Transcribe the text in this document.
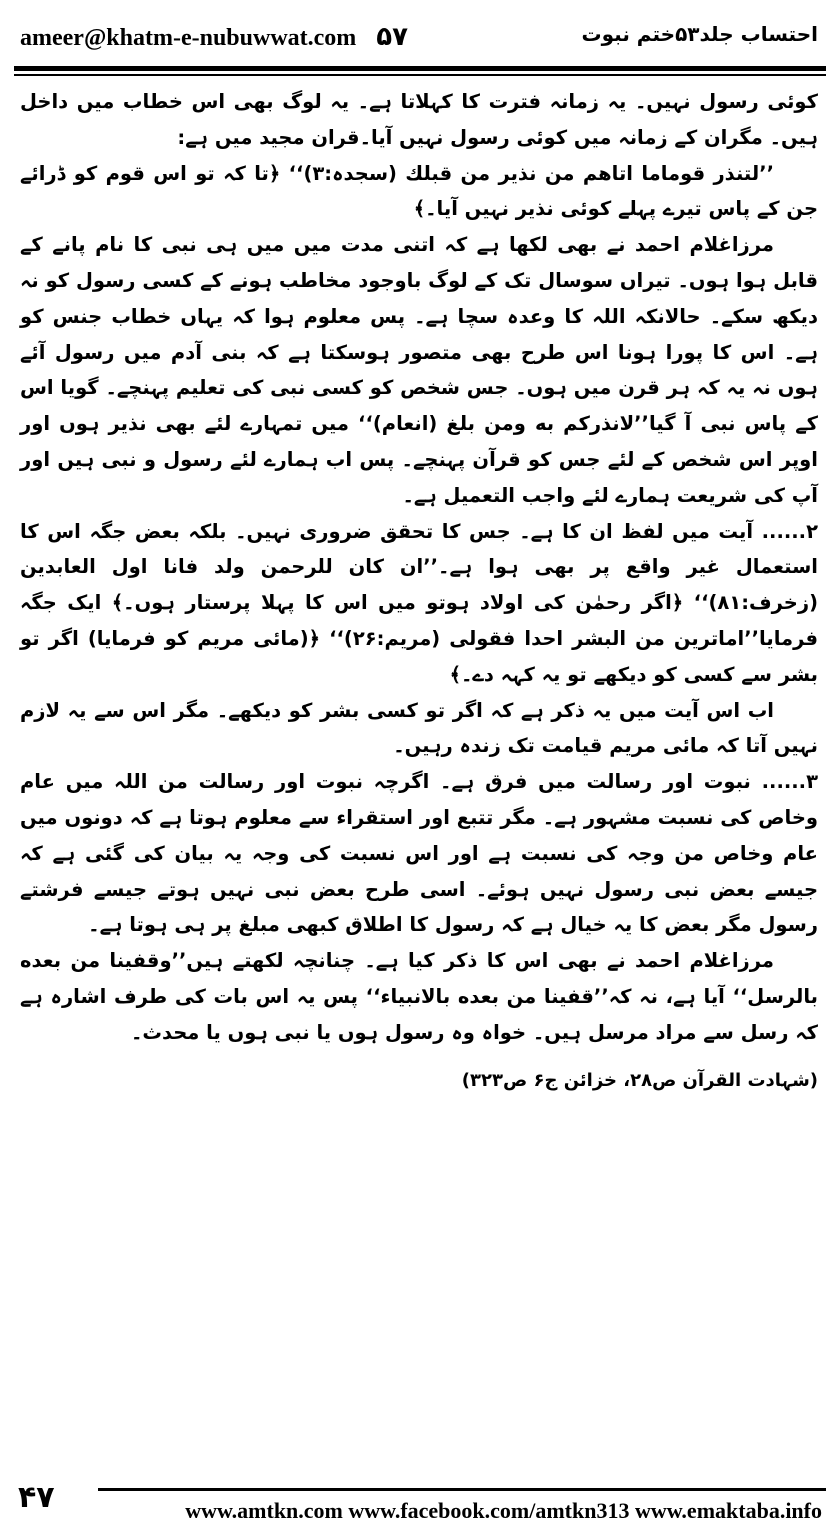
ameer@khatm-e-nubuwwat.com ۵۷	احتساب جلد۵۳ختم نبوت

کوئی رسول نہیں۔ یہ زمانہ فترت کا کہلاتا ہے۔ یہ لوگ بھی اس خطاب میں داخل ہیں۔ مگران کے زمانہ میں کوئی رسول نہیں آیا۔قران مجید میں ہے:

’’لتنذر قوماما اتاھم من نذیر من قبلك (سجدہ:۳)‘‘ ﴿تا کہ تو اس قوم کو ڈرائے جن کے پاس تیرے پہلے کوئی نذیر نہیں آیا۔﴾

مرزاغلام احمد نے بھی لکھا ہے کہ اتنی مدت میں میں ہی نبی کا نام پانے کے قابل ہوا ہوں۔ تیراں سوسال تک کے لوگ باوجود مخاطب ہونے کے کسی رسول کو نہ دیکھ سکے۔ حالانکہ اللہ کا وعدہ سچا ہے۔ پس معلوم ہوا کہ یہاں خطاب جنس کو ہے۔ اس کا پورا ہونا اس طرح بھی متصور ہوسکتا ہے کہ بنی آدم میں رسول آئے ہوں نہ یہ کہ ہر قرن میں ہوں۔ جس شخص کو کسی نبی کی تعلیم پہنچے۔ گویا اس کے پاس نبی آ گیا’’لانذرکم به ومن بلغ (انعام)‘‘ میں تمہارے لئے بھی نذیر ہوں اور اوپر اس شخص کے لئے جس کو قرآن پہنچے۔ پس اب ہمارے لئے رسول و نبی ہیں اور آپ کی شریعت ہمارے لئے واجب التعمیل ہے۔

۲...... آیت میں لفظ ان کا ہے۔ جس کا تحقق ضروری نہیں۔ بلکہ بعض جگہ اس کا استعمال غیر واقع پر بھی ہوا ہے۔’’ان کان للرحمن ولد فانا اول العابدین (زخرف:۸۱)‘‘ ﴿اگر رحمٰن کی اولاد ہوتو میں اس کا پہلا پرستار ہوں۔﴾ ایک جگہ فرمایا’’اماترین من البشر احدا فقولی (مریم:۲۶)‘‘ ﴿(مائی مریم کو فرمایا) اگر تو بشر سے کسی کو دیکھے تو یہ کہہ دے۔﴾

اب اس آیت میں یہ ذکر ہے کہ اگر تو کسی بشر کو دیکھے۔ مگر اس سے یہ لازم نہیں آتا کہ مائی مریم قیامت تک زندہ رہیں۔

۳...... نبوت اور رسالت میں فرق ہے۔ اگرچہ نبوت اور رسالت من اللہ میں عام وخاص کی نسبت مشہور ہے۔ مگر تتبع اور استقراء سے معلوم ہوتا ہے کہ دونوں میں عام وخاص من وجہ کی نسبت ہے اور اس نسبت کی وجہ یہ بیان کی گئی ہے کہ جیسے بعض نبی رسول نہیں ہوئے۔ اسی طرح بعض نبی نہیں ہوتے جیسے فرشتے رسول مگر بعض کا یہ خیال ہے کہ رسول کا اطلاق کبھی مبلغ پر ہی ہوتا ہے۔

مرزاغلام احمد نے بھی اس کا ذکر کیا ہے۔ چنانچہ لکھتے ہیں’’وقفینا من بعده بالرسل‘‘ آیا ہے، نہ کہ’’قفینا من بعده بالانبیاء‘‘ پس یہ اس بات کی طرف اشارہ ہے کہ رسل سے مراد مرسل ہیں۔ خواہ وہ رسول ہوں یا نبی ہوں یا محدث۔

(شہادت القرآن ص۲۸، خزائن ج۶ ص۳۲۳)

۴۷	www.amtkn.com www.facebook.com/amtkn313 www.emaktaba.info
